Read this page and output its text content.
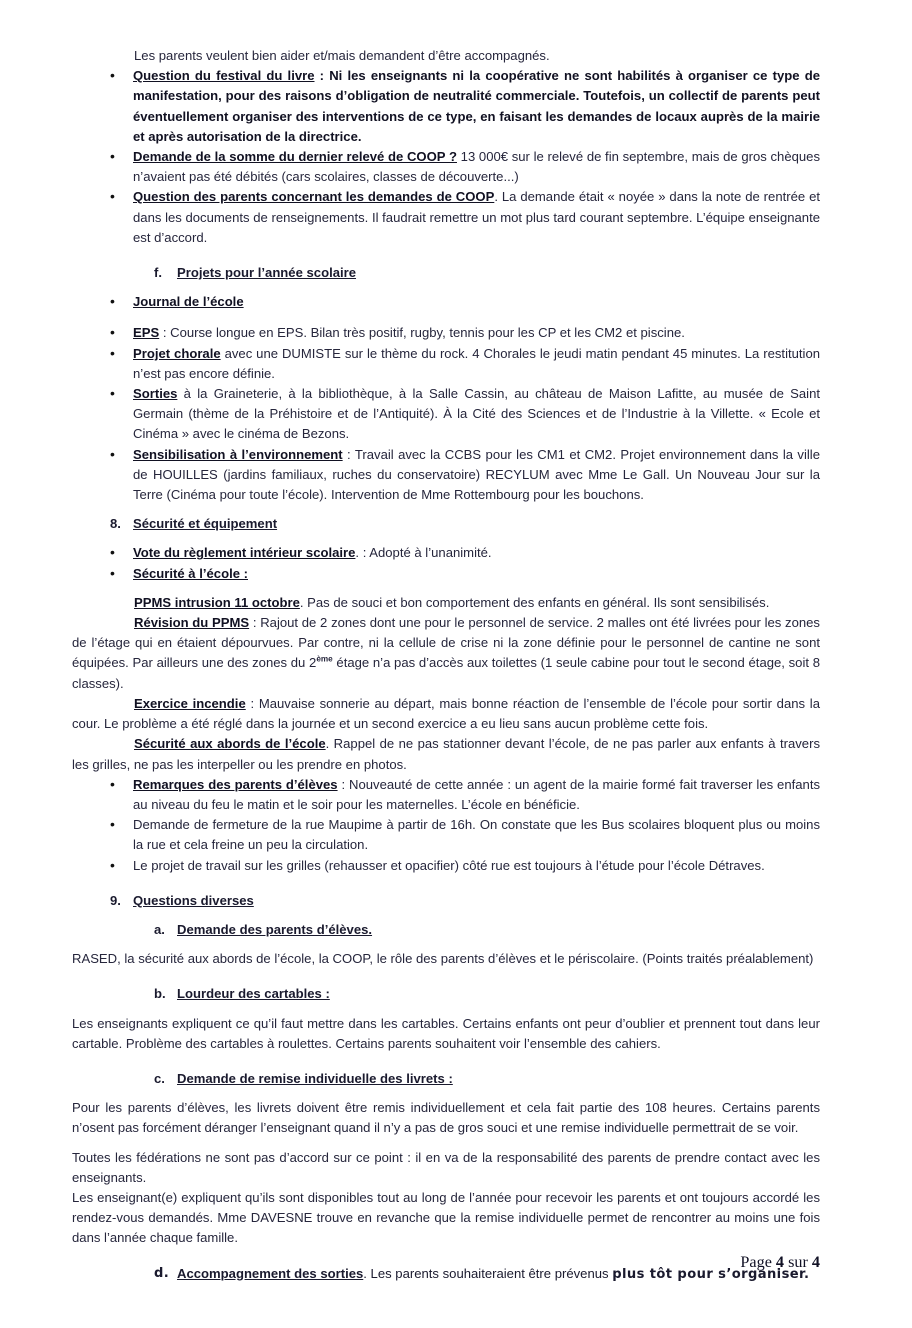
Les parents veulent bien aider et/mais demandent d’être accompagnés.

• Question du festival du livre : Ni les enseignants ni la coopérative ne sont habilités à organiser ce type de manifestation, pour des raisons d’obligation de neutralité commerciale. Toutefois, un collectif de parents peut éventuellement organiser des interventions de ce type, en faisant les demandes de locaux auprès de la mairie et après autorisation de la directrice.
• Demande de la somme du dernier relevé de COOP ? 13 000€ sur le relevé de fin septembre, mais de gros chèques n’avaient pas été débités (cars scolaires, classes de découverte...)
• Question des parents concernant les demandes de COOP. La demande était « noyée » dans la note de rentrée et dans les documents de renseignements. Il faudrait remettre un mot plus tard courant septembre. L’équipe enseignante est d’accord.
f. Projets pour l’année scolaire
• Journal de l’école
• EPS : Course longue en EPS. Bilan très positif, rugby, tennis pour les CP et les CM2 et piscine.
• Projet chorale avec une DUMISTE sur le thème du rock. 4 Chorales le jeudi matin pendant 45 minutes. La restitution n’est pas encore définie.
• Sorties à la Graineterie, à la bibliothèque, à la Salle Cassin, au château de Maison Lafitte, au musée de Saint Germain (thème de la Préhistoire et de l’Antiquité). À la Cité des Sciences et de l’Industrie à la Villette. « Ecole et Cinéma » avec le cinéma de Bezons.
• Sensibilisation à l’environnement : Travail avec la CCBS pour les CM1 et CM2. Projet environnement dans la ville de HOUILLES (jardins familiaux, ruches du conservatoire) RECYLUM avec Mme Le Gall. Un Nouveau Jour sur la Terre (Cinéma pour toute l’école). Intervention de Mme Rottembourg pour les bouchons.
8. Sécurité et équipement
• Vote du règlement intérieur scolaire. : Adopté à l’unanimité.
• Sécurité à l’école :

PPMS intrusion 11 octobre. Pas de souci et bon comportement des enfants en général. Ils sont sensibilisés.

Révision du PPMS : Rajout de 2 zones dont une pour le personnel de service. 2 malles ont été livrées pour les zones de l’étage qui en étaient dépourvues. Par contre, ni la cellule de crise ni la zone définie pour le personnel de cantine ne sont équipées. Par ailleurs une des zones du 2ème étage n’a pas d’accès aux toilettes (1 seule cabine pour tout le second étage, soit 8 classes).

Exercice incendie : Mauvaise sonnerie au départ, mais bonne réaction de l’ensemble de l’école pour sortir dans la cour. Le problème a été réglé dans la journée et un second exercice a eu lieu sans aucun problème cette fois.

Sécurité aux abords de l’école. Rappel de ne pas stationner devant l’école, de ne pas parler aux enfants à travers les grilles, ne pas les interpeller ou les prendre en photos.

• Remarques des parents d’élèves : Nouveauté de cette année : un agent de la mairie formé fait traverser les enfants au niveau du feu le matin et le soir pour les maternelles. L’école en bénéficie.
• Demande de fermeture de la rue Maupime à partir de 16h. On constate que les Bus scolaires bloquent plus ou moins la rue et cela freine un peu la circulation.
• Le projet de travail sur les grilles (rehausser et opacifier) côté rue est toujours à l’étude pour l’école Détraves.
9. Questions diverses
a. Demande des parents d’élèves.

RASED, la sécurité aux abords de l’école, la COOP, le rôle des parents d’élèves et le périscolaire. (Points traités préalablement)

b. Lourdeur des cartables :

Les enseignants expliquent ce qu’il faut mettre dans les cartables. Certains enfants ont peur d’oublier et prennent tout dans leur cartable. Problème des cartables à roulettes. Certains parents souhaitent voir l’ensemble des cahiers.

c. Demande de remise individuelle des livrets :

Pour les parents d’élèves, les livrets doivent être remis individuellement et cela fait partie des 108 heures. Certains parents n’osent pas forcément déranger l’enseignant quand il n’y a pas de gros souci et une remise individuelle permettrait de se voir.

Toutes les fédérations ne sont pas d’accord sur ce point : il en va de la responsabilité des parents de prendre contact avec les enseignants.

Les enseignant(e) expliquent qu’ils sont disponibles tout au long de l’année pour recevoir les parents et ont toujours accordé les rendez-vous demandés. Mme DAVESNE trouve en revanche que la remise individuelle permet de rencontrer au moins une fois dans l’année chaque famille.

d. Accompagnement des sorties. Les parents souhaiteraient être prévenus plus tôt pour s’organiser.
Page 4 sur 4
